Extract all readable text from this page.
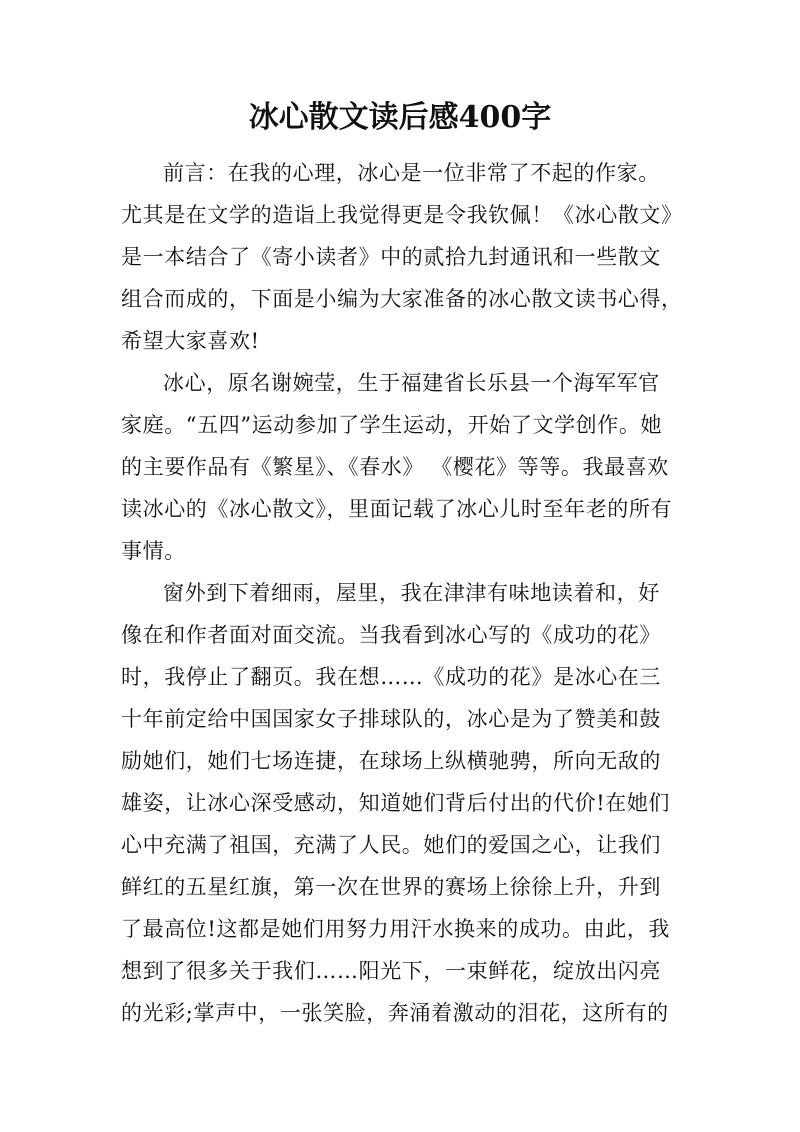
冰心散文读后感400字
前言：在我的心理，冰心是一位非常了不起的作家。
尤其是在文学的造诣上我觉得更是令我钦佩！《冰心散文》
是一本结合了《寄小读者》中的贰拾九封通讯和一些散文
组合而成的，下面是小编为大家准备的冰心散文读书心得，
希望大家喜欢!
冰心，原名谢婉莹，生于福建省长乐县一个海军军官
家庭。“五四”运动参加了学生运动，开始了文学创作。她
的主要作品有《繁星》、《春水》 《樱花》等等。我最喜欢
读冰心的《冰心散文》，里面记载了冰心儿时至年老的所有
事情。
窗外到下着细雨，屋里，我在津津有味地读着和，好
像在和作者面对面交流。当我看到冰心写的《成功的花》
时，我停止了翻页。我在想……《成功的花》是冰心在三
十年前定给中国国家女子排球队的，冰心是为了赞美和鼓
励她们，她们七场连捷，在球场上纵横驰骋，所向无敌的
雄姿，让冰心深受感动，知道她们背后付出的代价!在她们
心中充满了祖国，充满了人民。她们的爱国之心，让我们
鲜红的五星红旗，第一次在世界的赛场上徐徐上升，升到
了最高位!这都是她们用努力用汗水换来的成功。由此，我
想到了很多关于我们……阳光下，一束鲜花，绽放出闪亮
的光彩;掌声中，一张笑脸，奔涌着激动的泪花，这所有的
